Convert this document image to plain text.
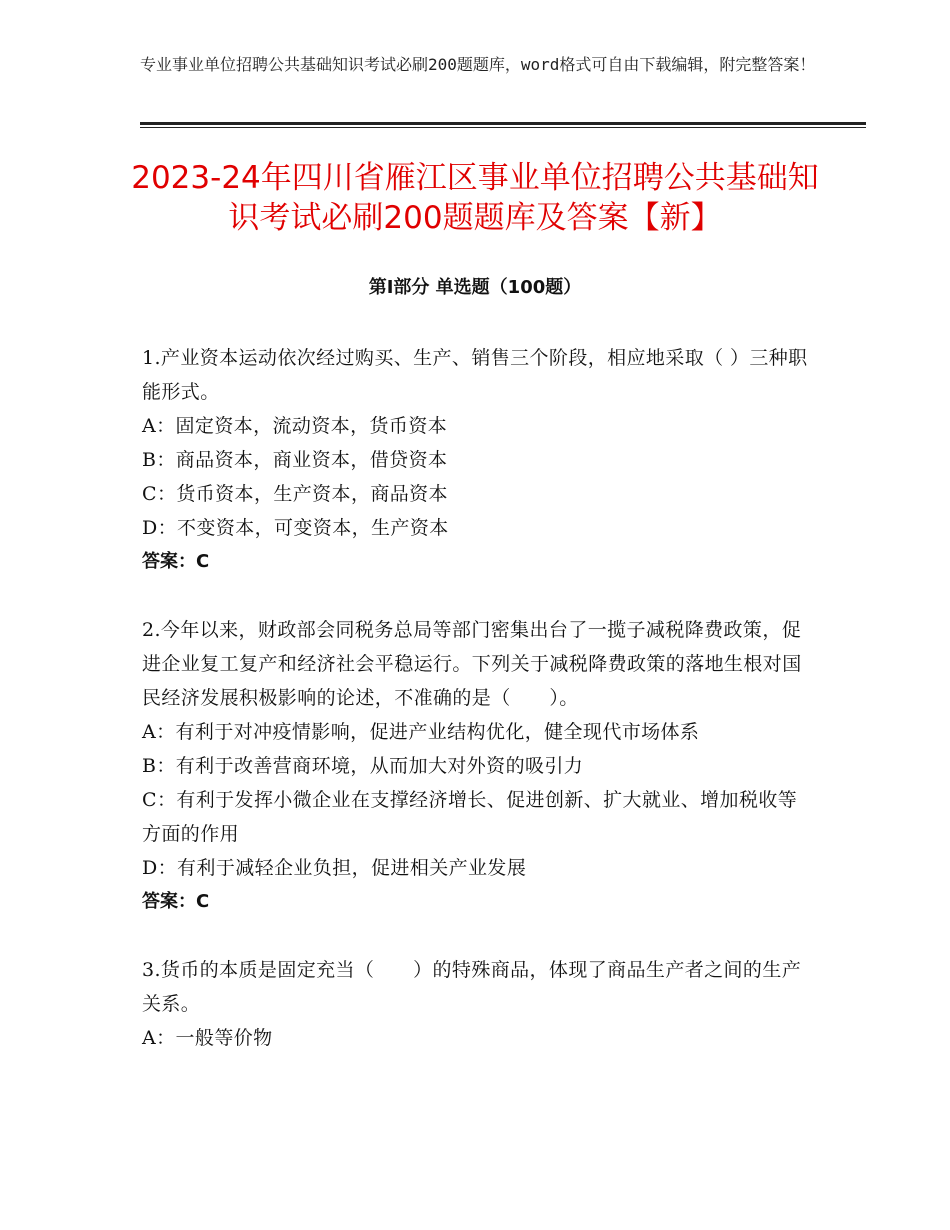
专业事业单位招聘公共基础知识考试必刷200题题库，word格式可自由下载编辑，附完整答案！
2023-24年四川省雁江区事业单位招聘公共基础知识考试必刷200题题库及答案【新】
第Ⅰ部分 单选题（100题）
1.产业资本运动依次经过购买、生产、销售三个阶段，相应地采取（ ）三种职能形式。
A：固定资本，流动资本，货币资本
B：商品资本，商业资本，借贷资本
C：货币资本，生产资本，商品资本
D：不变资本，可变资本，生产资本
答案：C
2.今年以来，财政部会同税务总局等部门密集出台了一揽子减税降费政策，促进企业复工复产和经济社会平稳运行。下列关于减税降费政策的落地生根对国民经济发展积极影响的论述，不准确的是（　　）。
A：有利于对冲疫情影响，促进产业结构优化，健全现代市场体系
B：有利于改善营商环境，从而加大对外资的吸引力
C：有利于发挥小微企业在支撑经济增长、促进创新、扩大就业、增加税收等方面的作用
D：有利于减轻企业负担，促进相关产业发展
答案：C
3.货币的本质是固定充当（　　）的特殊商品，体现了商品生产者之间的生产关系。
A：一般等价物
